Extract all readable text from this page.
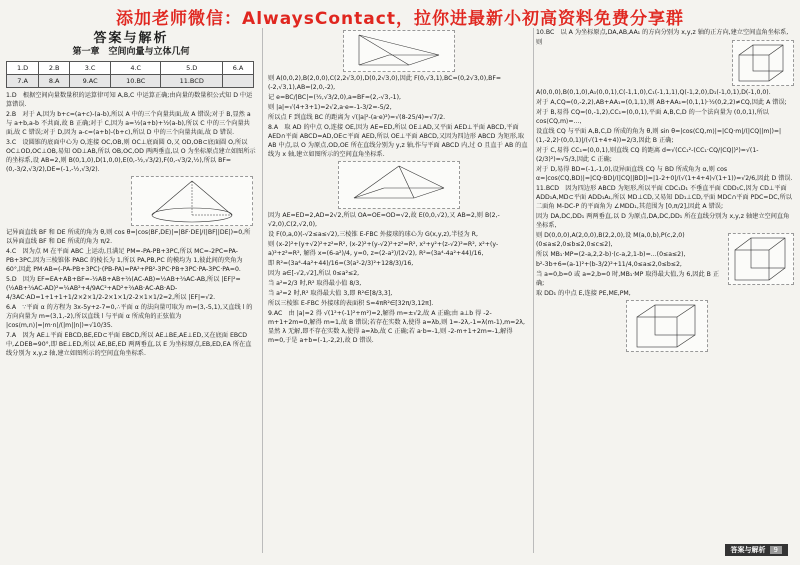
添加老师微信：AlwaysContact，拉你进最新小初高资料免费分享群
答案与解析
第一章　空间向量与立体几何
1.D	2.B	3.C	4.C	5.D	6.A
7.A	8.A	9.AC	10.BC	11.BCD	

1.D　根据空间向量数量积的运算律可知 A,B,C 中运算正确;由向量的数量积公式知 D 中运算错误.

2.B　对于 A,因为 b+c=(a+c)-(a-b),所以 A 中的三个向量共面,故 A 错误;对于 B,显然 a 与 a+b,a-b 不共面,故 B 正确;对于 C,因为 a=½(a+b)+½(a-b),所以 C 中的三个向量共面,故 C 错误;对于 D,因为 a-c=(a+b)-(b+c),所以 D 中的三个向量共面,故 D 错误.

3.C　设圆锥的底面中心为 O,连接 OC,OB,则 OC⊥底面圆 O,又 OD,OB⊂底面圆 O,所以 OC⊥OD,OC⊥OB,易知 OD⊥AB,所以 OB,OC,OD 两两垂直,以 O 为坐标原点建立如图所示的坐标系,设 AB=2,则 B(0,1,0),D(1,0,0),E(0,-½,√3/2),F(0,-√3/2,½),所以 BF=(0,-3/2,√3/2),DE=(-1,-½,√3/2).

记异面直线 BF 和 DE 所成的角为 θ,则 cos θ=|cos⟨BF,DE⟩|=|BF·DE|/(|BF||DE|)=0,所以异面直线 BF 和 DE 所成的角为 π/2.

4.C　因为点 M 在平面 ABC 上运动,且满足 PM=-PA-PB+3PC,所以 MC=-2PC=PA-PB+3PC,因为三棱锥体 PABC 的棱长为 1,所以 PA,PB,PC 的模均为 1,彼此间的夹角为 60°,因此 PM·AB=(-PA-PB+3PC)·(PB-PA)=PA²+PB²-3PC·PB+3PC·PA-3PC·PA=0.

5.D　因为 EF=EA+AB+BF=-½AB+AB+⅔(AC-AB)=½AB+⅔AC-AB,所以 |EF|²=(½AB+⅔AC-AD)²=¼AB²+4/9AC²+AD²+⅔AB·AC-AB·AD-4/3AC·AD=1+1+1+1/2×2×1/2-2×1×1/2-2×1×1/2=2,所以 |EF|=√2.

6.A　∵平面 α 的方程为 3x-5y+z-7=0,∴平面 α 的法向量可取为 m=(3,-5,1),又直线 l 的方向向量为 m=(3,1,-2),所以直线 l 与平面 α 所成角的正弦值为 |cos⟨m,n⟩|=|m·n|/(|m||n|)=√10/35.

7.A　因为 AE⊥平面 EBCD,BE,ED⊂平面 EBCD,所以 AE⊥BE,AE⊥ED,又在底面 EBCD 中,∠DEB=90°,即 BE⊥ED,所以 AE,BE,ED 两两垂直,以 E 为坐标原点,EB,ED,EA 所在直线分别为 x,y,z 轴,建立如图所示的空间直角坐标系.

则 A(0,0,2),B(2,0,0),C(2,2√3,0),D(0,2√3,0),因此 F(0,√3,1),BC=(0,2√3,0),BF=(-2,√3,1),AB=(2,0,-2),

记 e=BC/|BC|=(½,√3/2,0),a=BF=(2,-√3,-1),

则 |a|=√(4+3+1)=2√2,a·e=-1-3/2=-5/2,

所以点 F 到直线 BC 的距离为 √(|a|²-(a·e)²)=√(8-25/4)=√7/2.

8.A　取 AD 的中点 O,连接 OE,因为 AE=ED,所以 OE⊥AD,又平面 AED⊥平面 ABCD,平面 AED∩平面 ABCD=AD,OE⊂平面 AED,所以 OE⊥平面 ABCD,又因为四边形 ABCD 为矩形,取 AB 中点,以 O 为原点,OD,OE 所在直线分别为 y,z 轴,作与平面 ABCD 内,过 O 且直于 AB 的直线为 x 轴,建立如图所示的空间直角坐标系.

因为 AE=ED=2,AD=2√2,所以 OA=OE=OD=√2,故 E(0,0,√2),又 AB=2,则 B(2,-√2,0),C(2,√2,0),

设 F(0,a,0)(-√2≤a≤√2),三棱锥 E-FBC 外接球的球心为 G(x,y,z),半径为 R,

则 (x-2)²+(y+√2)²+z²=R², (x-2)²+(y-√2)²+z²=R², x²+y²+(z-√2)²=R², x²+(y-a)²+z²=R², 解得 x=(6-a²)/4, y=0, z=(2-a²)/(2√2), R²=(3a⁴-4a²+44)/16,

即 R²=(3a⁴-4a²+44)/16=(3(a²-2/3)²+128/3)/16,

因为 a∈[-√2,√2],所以 0≤a²≤2,

当 a²=2/3 时,R² 取得最小值 8/3,

当 a²=2 时,R² 取得最大值 3,即 R²∈[8/3,3],

所以三棱锥 E-FBC 外接球的表面积 S=4πR²∈[32π/3,12π].

9.AC　由 |a|=2 得 √(1²+(-1)²+m²)=2,解得 m=±√2,故 A 正确;由 a⊥b 得 -2-m+1+2m=0,解得 m=1,故 B 错误;若存在实数 λ,使得 a=λb,则 1=-2λ,-1=λ(m-1),m=2λ,显然 λ 无解,即不存在实数 λ,使得 a=λb,故 C 正确;若 a·b=-1,则 -2-m+1+2m=-1,解得 m=0,于是 a+b=(-1,-2,2),故 D 错误.

10.BC　以 A 为坐标原点,DA,AB,AA₁ 的方向分别为 x,y,z 轴的正方向,建立空间直角坐标系,

则 A(0,0,0),B(0,1,0),A₁(0,0,1),C(-1,1,0),C₁(-1,1,1),Q(-1,2,0),D₁(-1,0,1),D(-1,0,0).

对于 A,CQ=(0,-2,2),AB+AA₁=(0,1,1),则 AB+AA₁=(0,1,1)·½(0,2,2)≠CQ,因此 A 错误;

对于 B,易得 CQ=(0,-1,2),CC₁=(0,0,1),平面 A,B,C,D 的一个法向量为 (0,0,1),所以 cos⟨CQ,m⟩=...,

设直线 CQ 与平面 A,B,C,D 所成的角为 θ,则 sin θ=|cos⟨CQ,m⟩|=|CQ·m|/(|CQ||m|)=|(1,-2,2)·(0,0,1)|/(√(1+4+4))=2/3,因此 B 正确;

对于 C,易得 CC₁=(0,0,1),则直线 CQ 的距离 d=√(CC₁²-(CC₁·CQ/|CQ|)²)=√(1-(2/3)²)=√5/3,因此 C 正确;

对于 D,易得 BD=(-1,-1,0),设异面直线 CQ 与 BD 所成角为 α,则 cos α=|cos⟨CQ,BD⟩|=|CQ·BD|/(|CQ||BD|)=|1-2+0|/(√(1+4+4)√(1+1))=√2/6,因此 D 错误.

11.BCD　因为四边形 ABCD 为矩形,所以平面 CDC₁D₁ 不垂直平面 CDD₁C,因为 CD⊥平面 ADD₁A,MD⊂平面 ADD₁A₁,所以 MD⊥CD,又易知 DD₁⊥CD,平面 MDC∩平面 PDC=DC,所以二面角 M-DC-P 的平面角为 ∠MDD₁,其范围为 [0,π/2],因此 A 错误;

因为 DA,DC,DD₁ 两两垂直,以 D 为原点,DA,DC,DD₁ 所在直线分别为 x,y,z 轴建立空间直角坐标系,

则 D(0,0,0),A(2,0,0),B(2,2,0),设 M(a,0,b),P(c,2,0)(0≤a≤2,0≤b≤2,0≤c≤2),

所以 MB₁·MP=(2-a,2,2-b)·(c-a,2,1-b)=...(0≤a≤2),

b²-3b+6=(a-1)²+(b-3/2)²+11/4,0≤a≤2,0≤b≤2,

当 a=0,b=0 或 a=2,b=0 时,MB₁·MP 取得最大值,为 6,因此 B 正确;

取 DD₁ 的中点 E,连接 PE,ME,PM,

答案与解析 9
